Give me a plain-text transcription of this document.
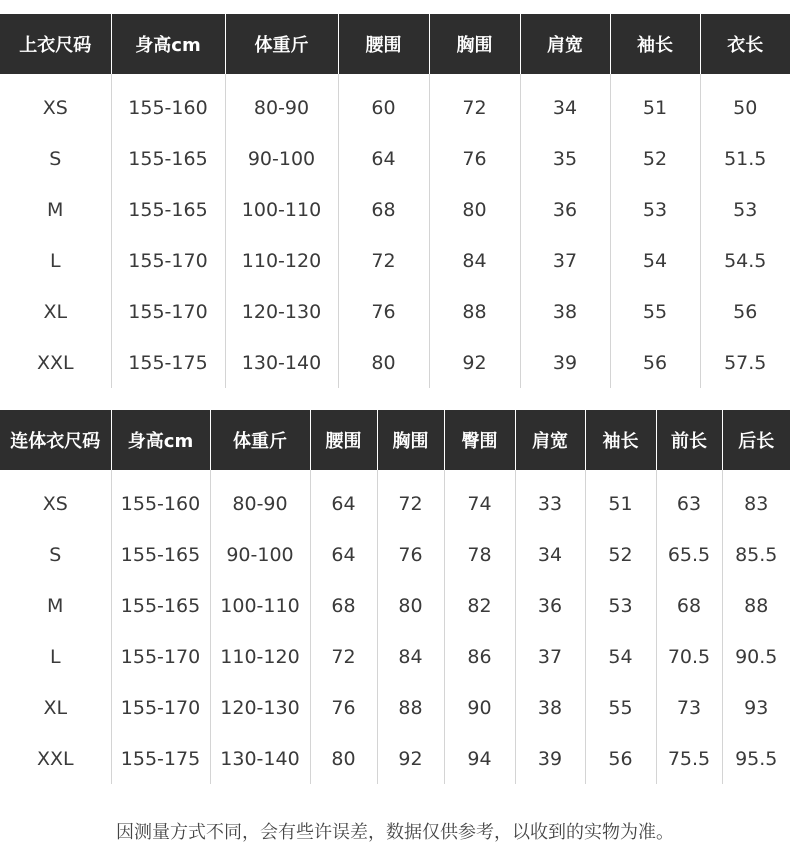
上衣尺码	身高cm	体重斤	腰围	胸围	肩宽	袖长	衣长
XS	155-160	80-90	60	72	34	51	50
S	155-165	90-100	64	76	35	52	51.5
M	155-165	100-110	68	80	36	53	53
L	155-170	110-120	72	84	37	54	54.5
XL	155-170	120-130	76	88	38	55	56
XXL	155-175	130-140	80	92	39	56	57.5
连体衣尺码	身高cm	体重斤	腰围	胸围	臀围	肩宽	袖长	前长	后长
XS	155-160	80-90	64	72	74	33	51	63	83
S	155-165	90-100	64	76	78	34	52	65.5	85.5
M	155-165	100-110	68	80	82	36	53	68	88
L	155-170	110-120	72	84	86	37	54	70.5	90.5
XL	155-170	120-130	76	88	90	38	55	73	93
XXL	155-175	130-140	80	92	94	39	56	75.5	95.5
因测量方式不同，会有些许误差，数据仅供参考，以收到的实物为准。
